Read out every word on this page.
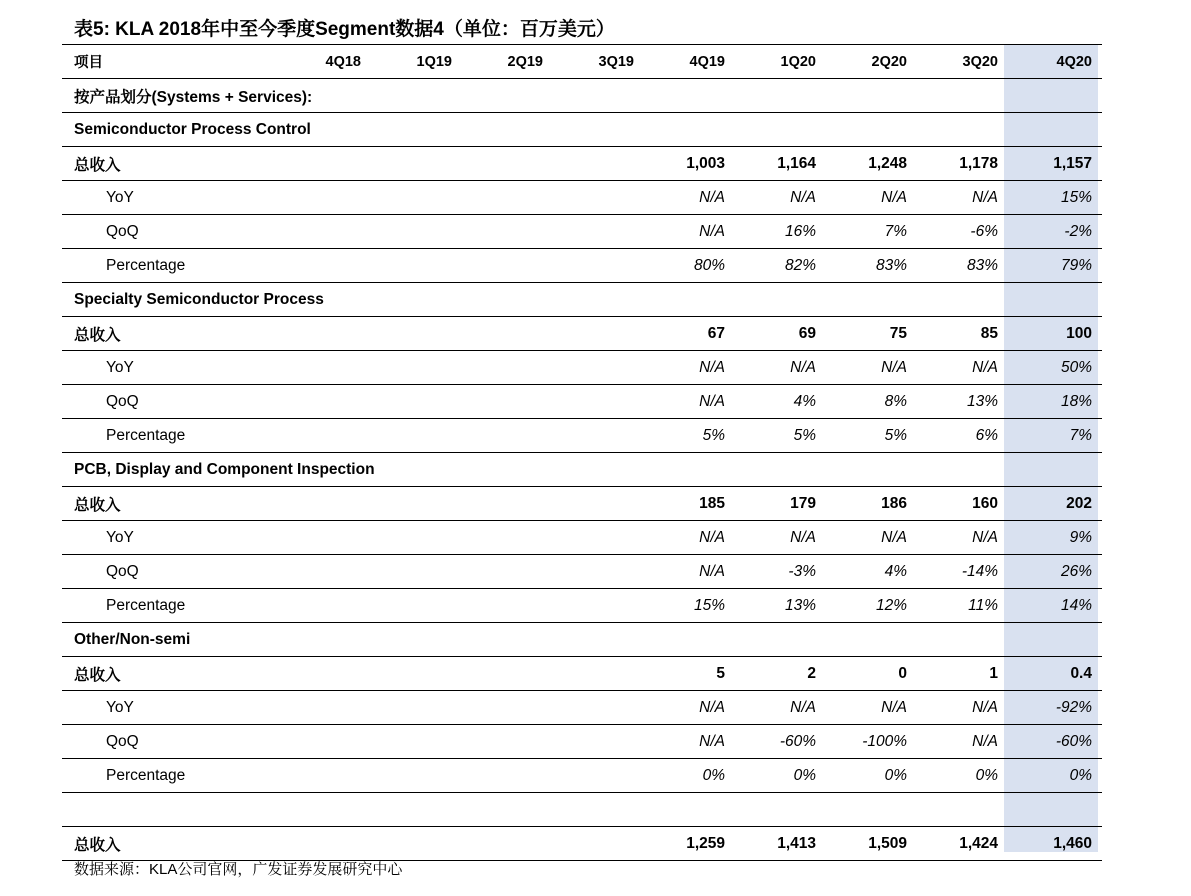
表5: KLA 2018年中至今季度Segment数据4（单位：百万美元）
项目	4Q18	1Q19	2Q19	3Q19	4Q19	1Q20	2Q20	3Q20	4Q20
按产品划分(Systems + Services):									
Semiconductor Process Control									
总收入					1,003	1,164	1,248	1,178	1,157
YoY					N/A	N/A	N/A	N/A	15%
QoQ					N/A	16%	7%	-6%	-2%
Percentage					80%	82%	83%	83%	79%
Specialty Semiconductor Process									
总收入					67	69	75	85	100
YoY					N/A	N/A	N/A	N/A	50%
QoQ					N/A	4%	8%	13%	18%
Percentage					5%	5%	5%	6%	7%
PCB, Display and Component Inspection									
总收入					185	179	186	160	202
YoY					N/A	N/A	N/A	N/A	9%
QoQ					N/A	-3%	4%	-14%	26%
Percentage					15%	13%	12%	11%	14%
Other/Non-semi									
总收入					5	2	0	1	0.4
YoY					N/A	N/A	N/A	N/A	-92%
QoQ					N/A	-60%	-100%	N/A	-60%
Percentage					0%	0%	0%	0%	0%

总收入					1,259	1,413	1,509	1,424	1,460
数据来源：KLA公司官网，广发证券发展研究中心
